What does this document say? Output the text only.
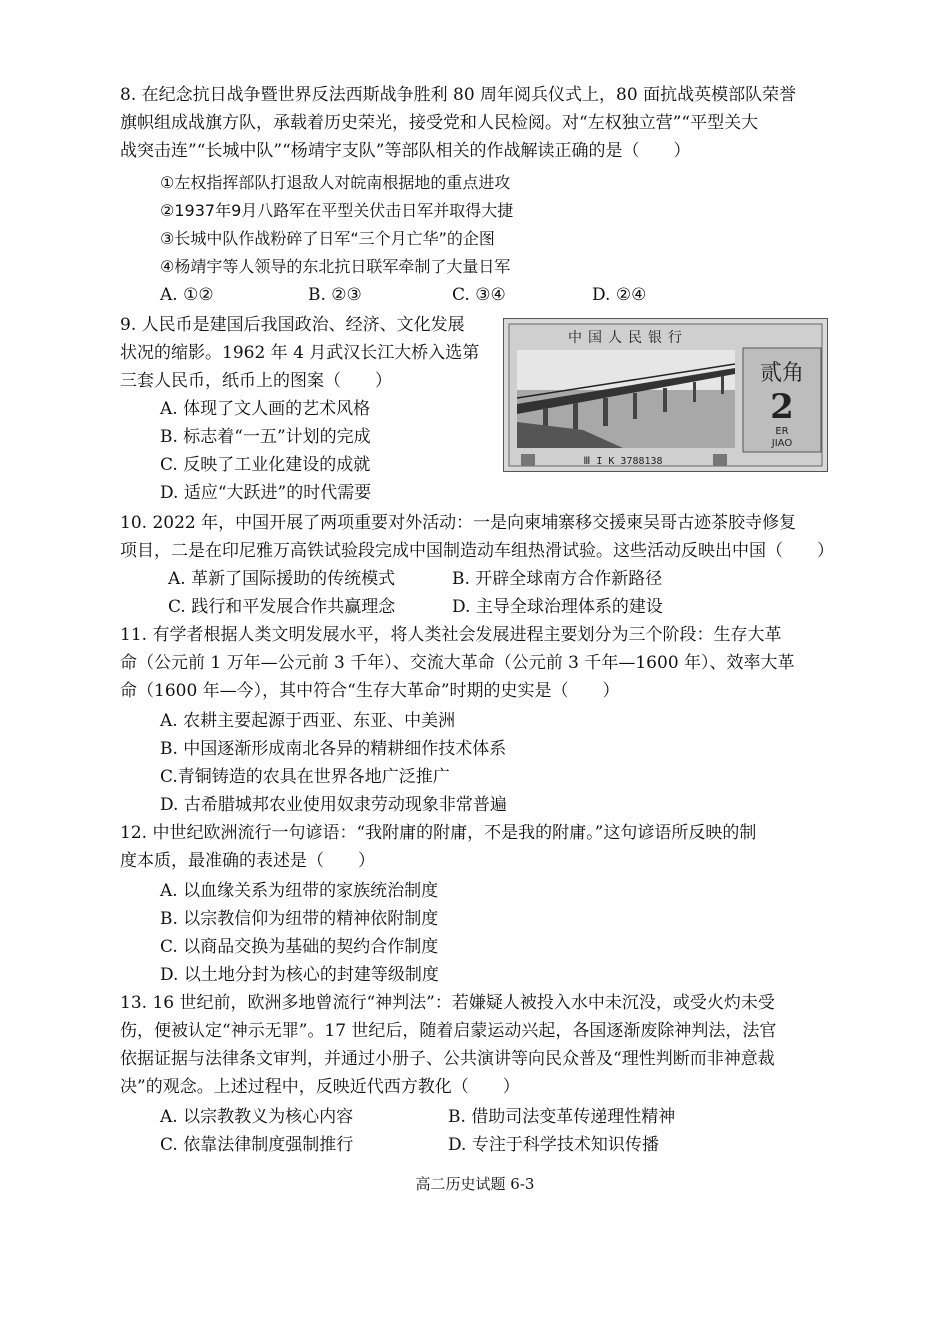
8. 在纪念抗日战争暨世界反法西斯战争胜利 80 周年阅兵仪式上，80 面抗战英模部队荣誉
旗帜组成战旗方队，承载着历史荣光，接受党和人民检阅。对“左权独立营”“平型关大
战突击连”“长城中队”“杨靖宇支队”等部队相关的作战解读正确的是（　　）
①左权指挥部队打退敌人对皖南根据地的重点进攻
②1937年9月八路军在平型关伏击日军并取得大捷
③长城中队作战粉碎了日军“三个月亡华”的企图
④杨靖宇等人领导的东北抗日联军牵制了大量日军
A. ①②	B. ②③	C. ③④	D. ②④
9. 人民币是建国后我国政治、经济、文化发展
状况的缩影。1962 年 4 月武汉长江大桥入选第
三套人民币，纸币上的图案（　　）
A. 体现了文人画的艺术风格
B. 标志着“一五”计划的完成
C. 反映了工业化建设的成就
D. 适应“大跃进”的时代需要
中国人民银行
贰角
2
ER
JIAO
Ⅲ I K 3788138
10. 2022 年，中国开展了两项重要对外活动：一是向柬埔寨移交援柬吴哥古迹茶胶寺修复
项目，二是在印尼雅万高铁试验段完成中国制造动车组热滑试验。这些活动反映出中国（　　）
A. 革新了国际援助的传统模式	B. 开辟全球南方合作新路径
C. 践行和平发展合作共赢理念	D. 主导全球治理体系的建设
11. 有学者根据人类文明发展水平，将人类社会发展进程主要划分为三个阶段：生存大革
命（公元前 1 万年—公元前 3 千年）、交流大革命（公元前 3 千年—1600 年）、效率大革
命（1600 年—今），其中符合“生存大革命”时期的史实是（　　）
A. 农耕主要起源于西亚、东亚、中美洲
B. 中国逐渐形成南北各异的精耕细作技术体系
C.青铜铸造的农具在世界各地广泛推广
D. 古希腊城邦农业使用奴隶劳动现象非常普遍
12. 中世纪欧洲流行一句谚语：“我附庸的附庸，不是我的附庸。”这句谚语所反映的制
度本质，最准确的表述是（　　）
A. 以血缘关系为纽带的家族统治制度
B. 以宗教信仰为纽带的精神依附制度
C. 以商品交换为基础的契约合作制度
D. 以土地分封为核心的封建等级制度
13. 16 世纪前，欧洲多地曾流行“神判法”：若嫌疑人被投入水中未沉没，或受火灼未受
伤，便被认定“神示无罪”。17 世纪后，随着启蒙运动兴起，各国逐渐废除神判法，法官
依据证据与法律条文审判，并通过小册子、公共演讲等向民众普及“理性判断而非神意裁
决”的观念。上述过程中，反映近代西方教化（　　）
A. 以宗教教义为核心内容	B. 借助司法变革传递理性精神
C. 依靠法律制度强制推行	D. 专注于科学技术知识传播
高二历史试题 6-3
